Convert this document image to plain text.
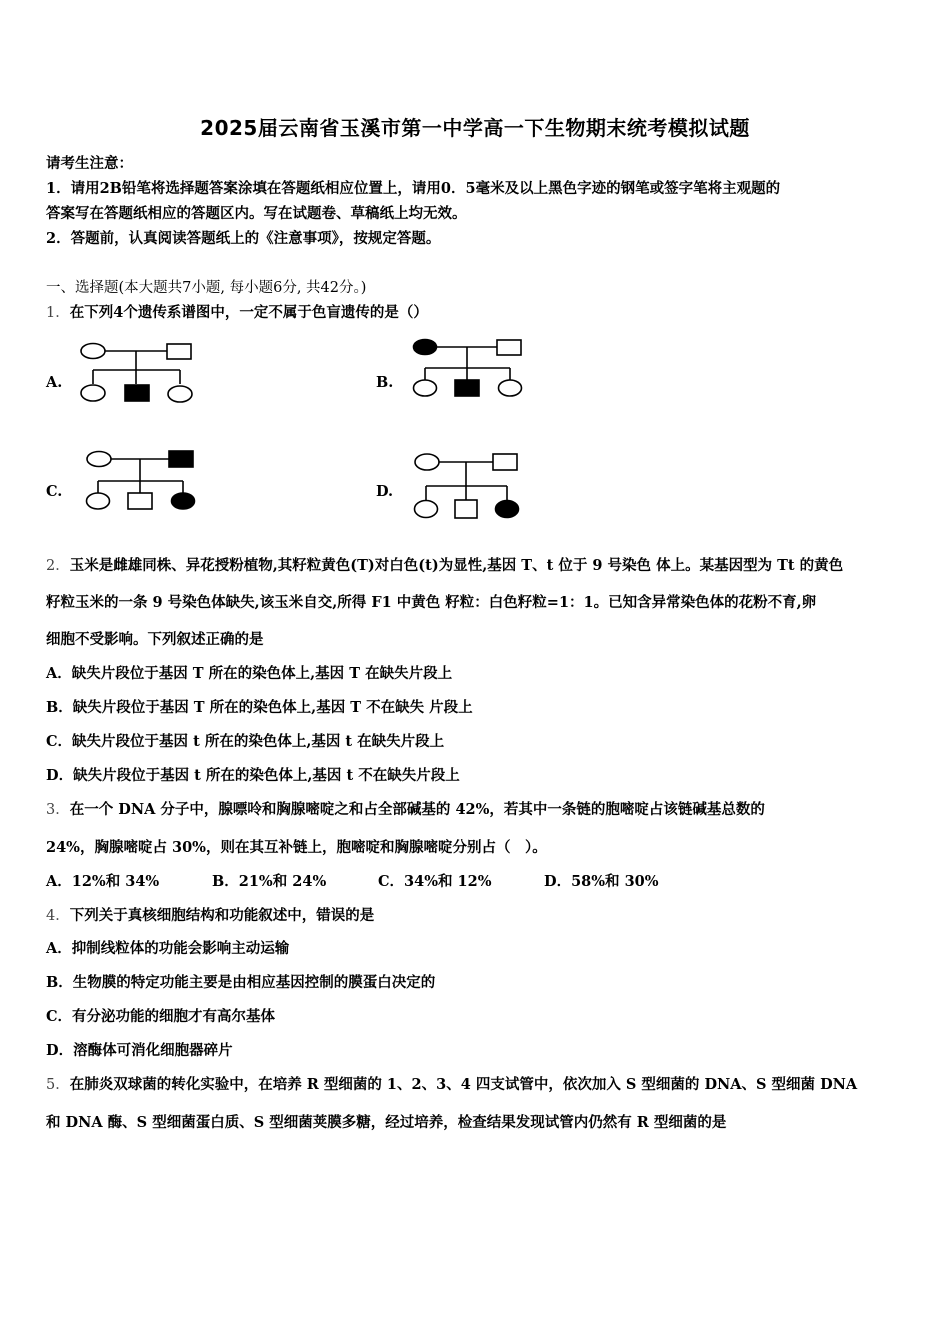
2025届云南省玉溪市第一中学高一下生物期末统考模拟试题
请考生注意：
1．请用2B铅笔将选择题答案涂填在答题纸相应位置上，请用0．5毫米及以上黑色字迹的钢笔或签字笔将主观题的
答案写在答题纸相应的答题区内。写在试题卷、草稿纸上均无效。
2．答题前，认真阅读答题纸上的《注意事项》，按规定答题。
一、选择题(本大题共7小题, 每小题6分, 共42分。)
1．在下列4个遗传系谱图中，一定不属于色盲遗传的是（）
A.	B.
C.	D.
2．玉米是雌雄同株、异花授粉植物,其籽粒黄色(T)对白色(t)为显性,基因 T、t 位于 9 号染色 体上。某基因型为 Tt 的黄色
籽粒玉米的一条 9 号染色体缺失,该玉米自交,所得 F1 中黄色 籽粒：白色籽粒=1：1。已知含异常染色体的花粉不育,卵
细胞不受影响。下列叙述正确的是
A．缺失片段位于基因 T 所在的染色体上,基因 T 在缺失片段上
B．缺失片段位于基因 T 所在的染色体上,基因 T 不在缺失 片段上
C．缺失片段位于基因 t 所在的染色体上,基因 t 在缺失片段上
D．缺失片段位于基因 t 所在的染色体上,基因 t 不在缺失片段上
3．在一个 DNA 分子中，腺嘌呤和胸腺嘧啶之和占全部碱基的 42%，若其中一条链的胞嘧啶占该链碱基总数的
24%，胸腺嘧啶占 30%，则在其互补链上，胞嘧啶和胸腺嘧啶分别占（　）。
A．12%和 34%	B．21%和 24%	C．34%和 12%	D．58%和 30%
4．下列关于真核细胞结构和功能叙述中，错误的是
A．抑制线粒体的功能会影响主动运输
B．生物膜的特定功能主要是由相应基因控制的膜蛋白决定的
C．有分泌功能的细胞才有高尔基体
D．溶酶体可消化细胞器碎片
5．在肺炎双球菌的转化实验中，在培养 R 型细菌的 1、2、3、4 四支试管中，依次加入 S 型细菌的 DNA、S 型细菌 DNA
和 DNA 酶、S 型细菌蛋白质、S 型细菌荚膜多糖，经过培养，检查结果发现试管内仍然有 R 型细菌的是
